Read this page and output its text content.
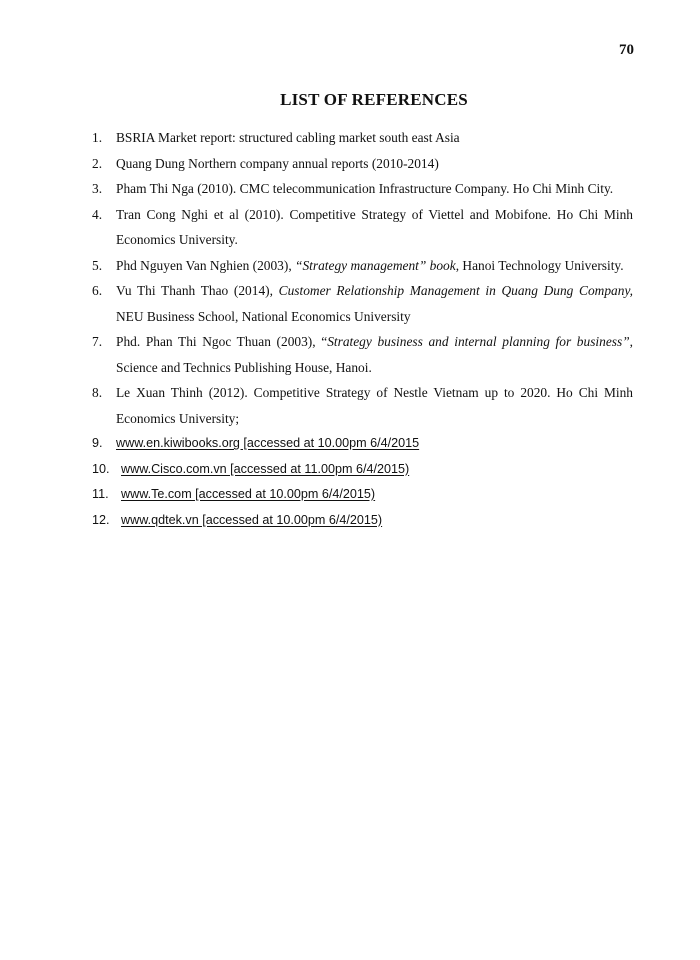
70
LIST OF REFERENCES
1.	BSRIA Market report: structured cabling market south east Asia
2.	Quang Dung Northern company annual reports (2010-2014)
3.	Pham Thi Nga (2010). CMC telecommunication Infrastructure Company. Ho Chi Minh City.
4.	Tran Cong Nghi et al (2010). Competitive Strategy of Viettel and Mobifone. Ho Chi Minh Economics University.
5.	Phd Nguyen Van Nghien (2003), “Strategy management” book, Hanoi Technology University.
6.	Vu Thi Thanh Thao (2014), Customer Relationship Management in Quang Dung Company, NEU Business School, National Economics University
7.	Phd. Phan Thi Ngoc Thuan (2003), “Strategy business and internal planning for business”, Science and Technics Publishing House, Hanoi.
8.	Le Xuan Thinh (2012). Competitive Strategy of Nestle Vietnam up to 2020. Ho Chi Minh Economics University;
9.	www.en.kiwibooks.org [accessed at 10.00pm 6/4/2015
10. www.Cisco.com.vn [accessed at 11.00pm 6/4/2015)
11. www.Te.com [accessed at 10.00pm 6/4/2015)
12. www.qdtek.vn [accessed at 10.00pm 6/4/2015)
